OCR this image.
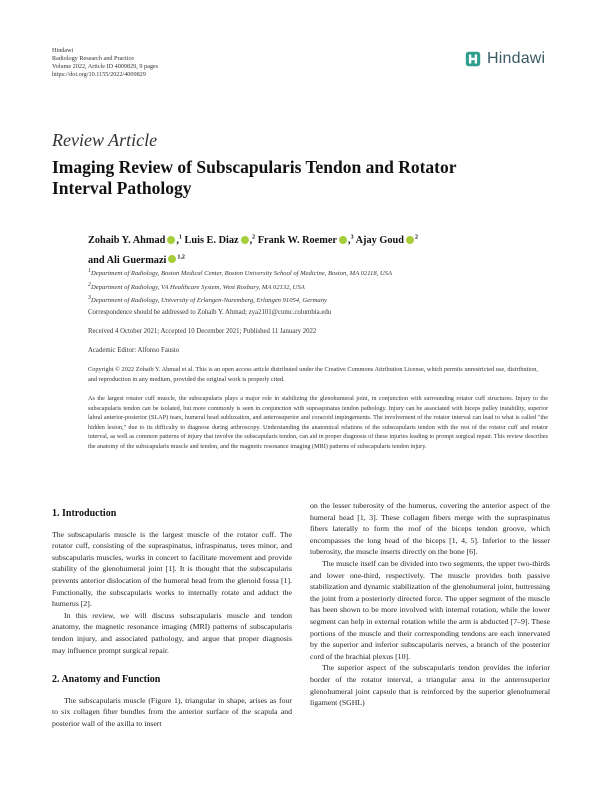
Hindawi
Radiology Research and Practice
Volume 2022, Article ID 4009829, 9 pages
https://doi.org/10.1155/2022/4009829
Hindawi
Review Article
Imaging Review of Subscapularis Tendon and Rotator Interval Pathology
Zohaib Y. Ahmad ,$^1$ Luis E. Diaz ,$^2$ Frank W. Roemer ,$^3$ Ajay Goud $^2$
and Ali Guermazi $^{1,2}$
$^1$Department of Radiology, Boston Medical Center, Boston University School of Medicine, Boston, MA 02118, USA
$^2$Department of Radiology, VA Healthcare System, West Roxbury, MA 02132, USA
$^3$Department of Radiology, University of Erlangen-Nuremberg, Erlangen 91054, Germany
Correspondence should be addressed to Zohaib Y. Ahmad; zya2101@cumc.columbia.edu
Received 4 October 2021; Accepted 10 December 2021; Published 11 January 2022
Academic Editor: Alfonso Fausto
Copyright © 2022 Zohaib Y. Ahmad et al. This is an open access article distributed under the Creative Commons Attribution License, which permits unrestricted use, distribution, and reproduction in any medium, provided the original work is properly cited.
As the largest rotator cuff muscle, the subscapularis plays a major role in stabilizing the glenohumeral joint, in conjunction with surrounding rotator cuff structures. Injury to the subscapularis tendon can be isolated, but more commonly is seen in conjunction with supraspinatus tendon pathology. Injury can be associated with biceps pulley instability, superior labral anterior-posterior (SLAP) tears, humeral head subluxation, and anterosuperior and coracoid impingements. The involvement of the rotator interval can lead to what is called "the hidden lesion," due to its difficulty to diagnose during arthroscopy. Understanding the anatomical relations of the subscapularis tendon with the rest of the rotator cuff and rotator interval, as well as common patterns of injury that involve the subscapularis tendon, can aid in proper diagnosis of these injuries leading to prompt surgical repair. This review describes the anatomy of the subscapularis muscle and tendon, and the magnetic resonance imaging (MRI) patterns of subscapularis tendon injury.
1. Introduction

The subscapularis muscle is the largest muscle of the rotator cuff. The rotator cuff, consisting of the supraspinatus, infraspinatus, teres minor, and subscapularis muscles, works in concert to facilitate movement and provide stability of the glenohumeral joint [1]. It is thought that the subscapularis prevents anterior dislocation of the humeral head from the glenoid fossa [1]. Functionally, the subscapularis works to internally rotate and adduct the humerus [2].

In this review, we will discuss subscapularis muscle and tendon anatomy, the magnetic resonance imaging (MRI) patterns of subscapularis tendon injury, and associated pathology, and argue that proper diagnosis may influence prompt surgical repair.

2. Anatomy and Function

The subscapularis muscle (Figure 1), triangular in shape, arises as four to six collagen fiber bundles from the anterior surface of the scapula and posterior wall of the axilla to insert

on the lesser tuberosity of the humerus, covering the anterior aspect of the humeral head [1, 3]. These collagen fibers merge with the supraspinatus fibers laterally to form the roof of the biceps tendon groove, which encompasses the long head of the biceps [1, 4, 5]. Inferior to the lesser tuberosity, the muscle inserts directly on the bone [6].

The muscle itself can be divided into two segments, the upper two-thirds and lower one-third, respectively. The muscle provides both passive stabilization and dynamic stabilization of the glenohumeral joint, buttressing the joint from a posteriorly directed force. The upper segment of the muscle has been shown to be more involved with internal rotation, while the lower segment can help in external rotation while the arm is abducted [7–9]. These portions of the muscle and their corresponding tendons are each innervated by the superior and inferior subscapularis nerves, a branch of the posterior cord of the brachial plexus [10].

The superior aspect of the subscapularis tendon provides the inferior border of the rotator interval, a triangular area in the anterosuperior glenohumeral joint capsule that is reinforced by the superior glenohumeral ligament (SGHL)
